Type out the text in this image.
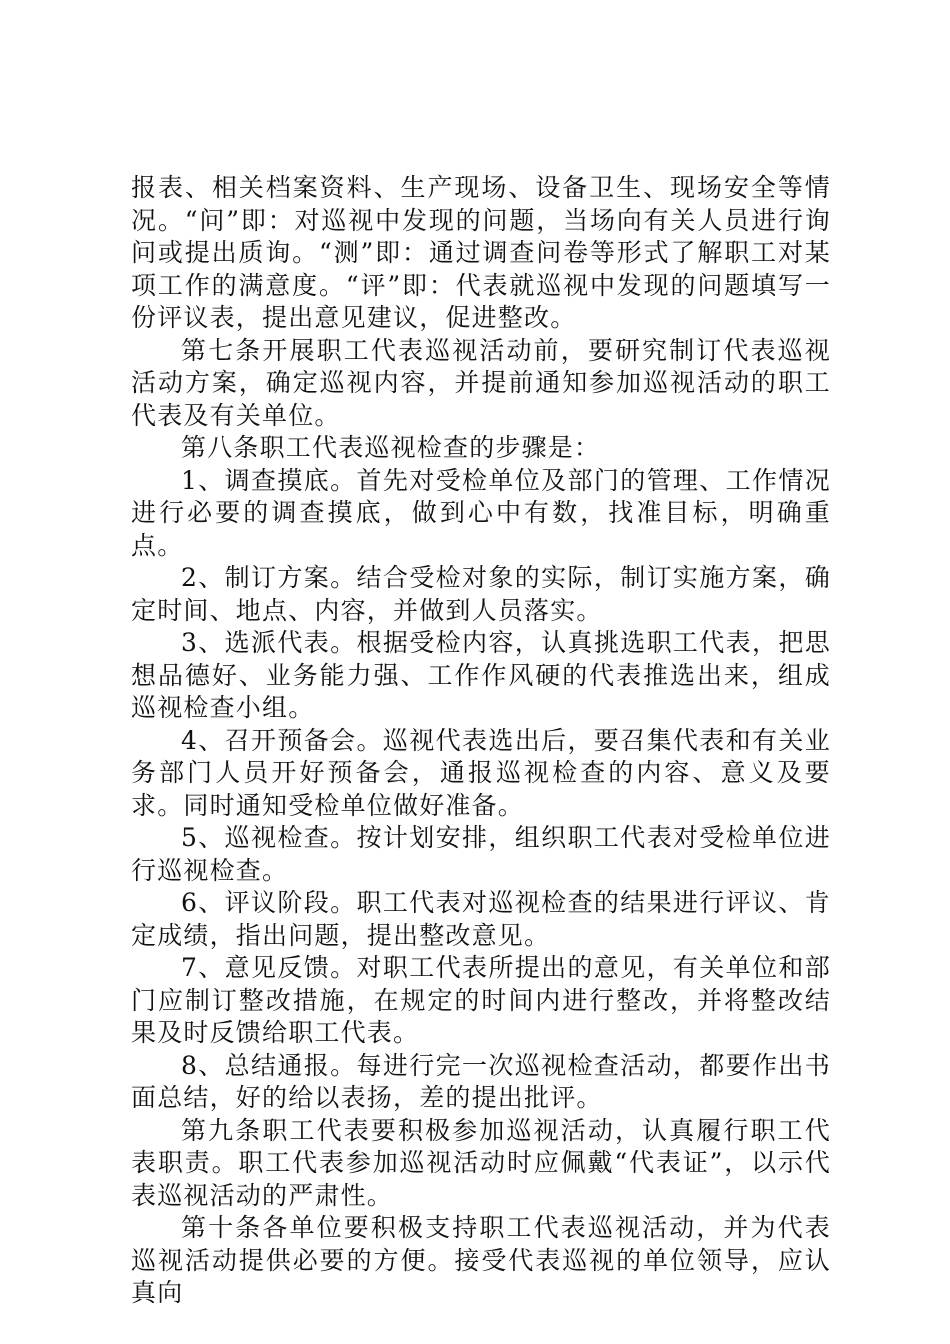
报表、相关档案资料、生产现场、设备卫生、现场安全等情况。“问”即：对巡视中发现的问题，当场向有关人员进行询问或提出质询。“测”即：通过调查问卷等形式了解职工对某项工作的满意度。“评”即：代表就巡视中发现的问题填写一份评议表，提出意见建议，促进整改。

第七条开展职工代表巡视活动前，要研究制订代表巡视活动方案，确定巡视内容，并提前通知参加巡视活动的职工代表及有关单位。

第八条职工代表巡视检查的步骤是：

1、调查摸底。首先对受检单位及部门的管理、工作情况进行必要的调查摸底，做到心中有数，找准目标，明确重点。

2、制订方案。结合受检对象的实际，制订实施方案，确定时间、地点、内容，并做到人员落实。

3、选派代表。根据受检内容，认真挑选职工代表，把思想品德好、业务能力强、工作作风硬的代表推选出来，组成巡视检查小组。

4、召开预备会。巡视代表选出后，要召集代表和有关业务部门人员开好预备会，通报巡视检查的内容、意义及要求。同时通知受检单位做好准备。

5、巡视检查。按计划安排，组织职工代表对受检单位进行巡视检查。

6、评议阶段。职工代表对巡视检查的结果进行评议、肯定成绩，指出问题，提出整改意见。

7、意见反馈。对职工代表所提出的意见，有关单位和部门应制订整改措施，在规定的时间内进行整改，并将整改结果及时反馈给职工代表。

8、总结通报。每进行完一次巡视检查活动，都要作出书面总结，好的给以表扬，差的提出批评。

第九条职工代表要积极参加巡视活动，认真履行职工代表职责。职工代表参加巡视活动时应佩戴“代表证”，以示代表巡视活动的严肃性。

第十条各单位要积极支持职工代表巡视活动，并为代表巡视活动提供必要的方便。接受代表巡视的单位领导，应认真向
